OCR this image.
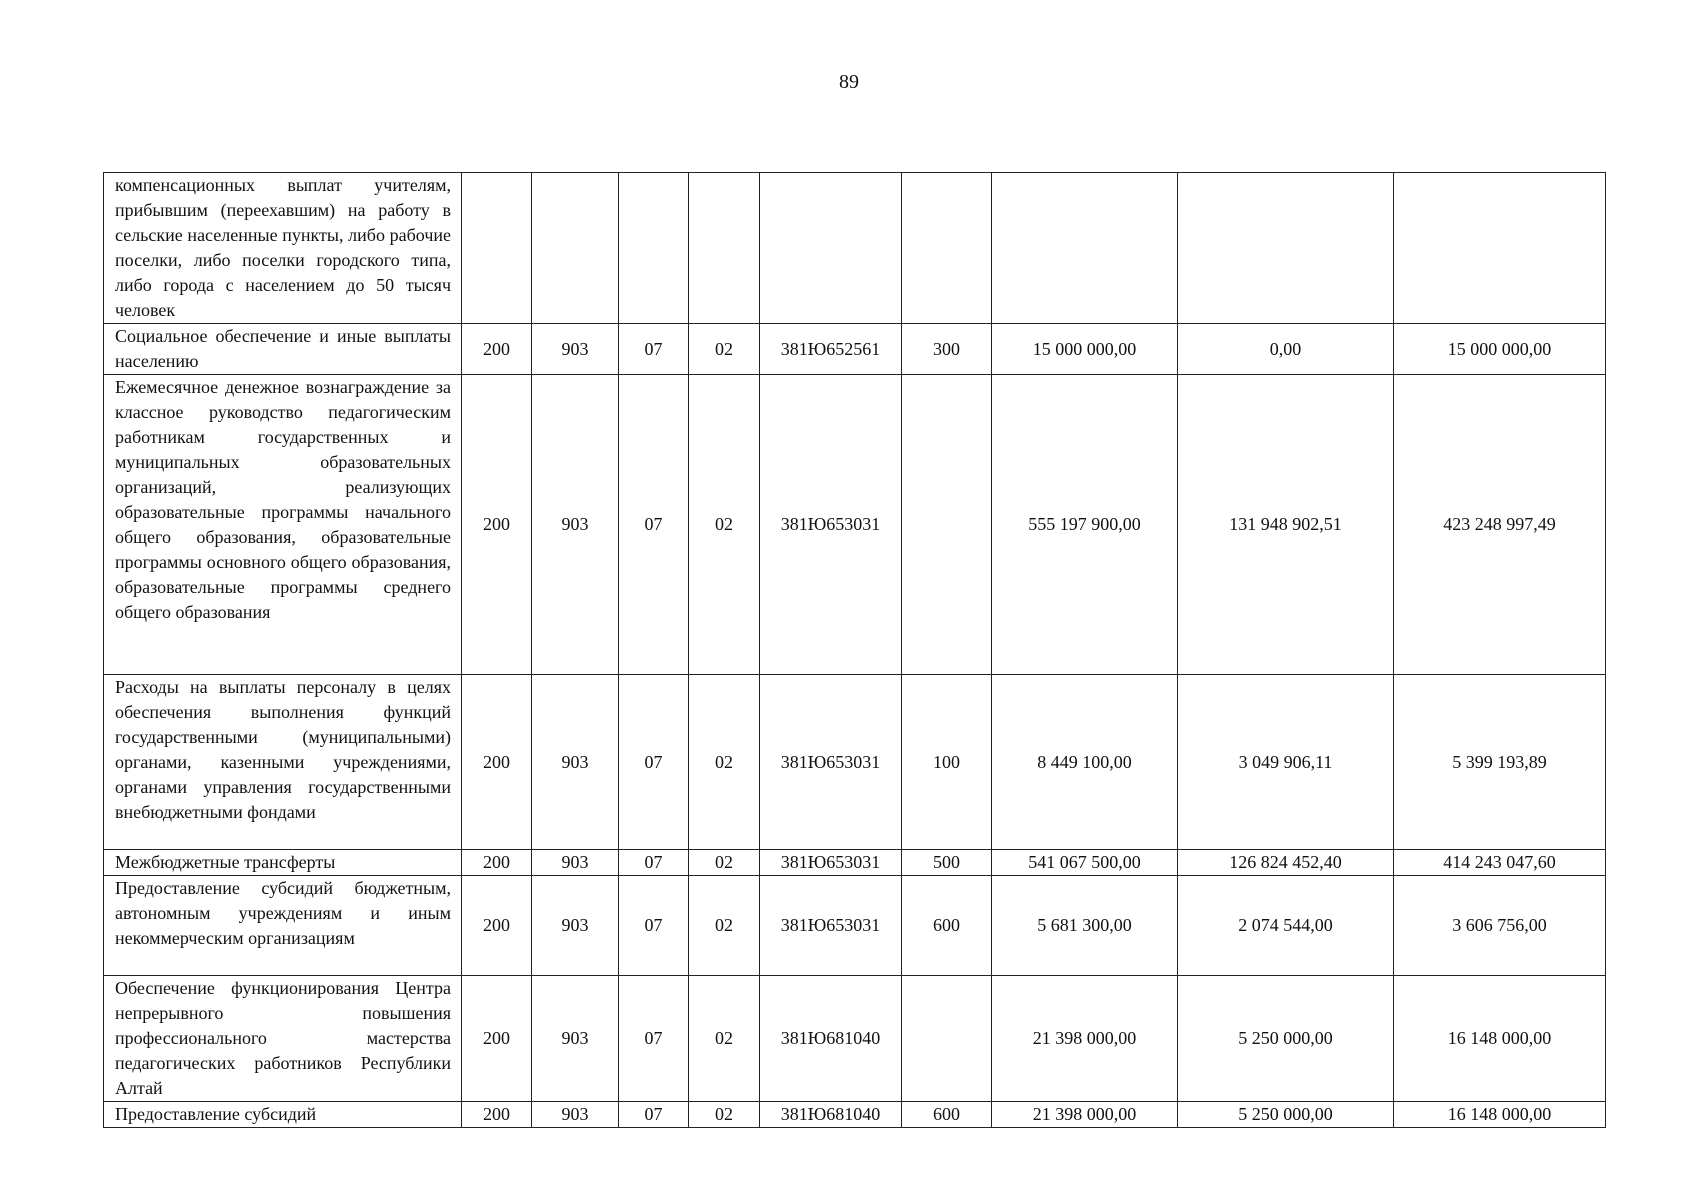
89
компенсационных выплат учителям, прибывшим (переехавшим) на работу в сельские населенные пункты, либо рабочие поселки, либо поселки городского типа, либо города с населением до 50 тысяч человек									
Социальное обеспечение и иные выплаты населению	200	903	07	02	381Ю652561	300	15 000 000,00	0,00	15 000 000,00
Ежемесячное денежное вознаграждение за классное руководство педагогическим работникам государственных и муниципальных образовательных организаций, реализующих образовательные программы начального общего образования, образовательные программы основного общего образования, образовательные программы среднего общего образования	200	903	07	02	381Ю653031		555 197 900,00	131 948 902,51	423 248 997,49
Расходы на выплаты персоналу в целях обеспечения выполнения функций государственными (муниципальными) органами, казенными учреждениями, органами управления государственными внебюджетными фондами	200	903	07	02	381Ю653031	100	8 449 100,00	3 049 906,11	5 399 193,89
Межбюджетные трансферты	200	903	07	02	381Ю653031	500	541 067 500,00	126 824 452,40	414 243 047,60
Предоставление субсидий бюджетным, автономным учреждениям и иным некоммерческим организациям	200	903	07	02	381Ю653031	600	5 681 300,00	2 074 544,00	3 606 756,00
Обеспечение функционирования Центра непрерывного повышения профессионального мастерства педагогических работников Республики Алтай	200	903	07	02	381Ю681040		21 398 000,00	5 250 000,00	16 148 000,00
Предоставление субсидий	200	903	07	02	381Ю681040	600	21 398 000,00	5 250 000,00	16 148 000,00
